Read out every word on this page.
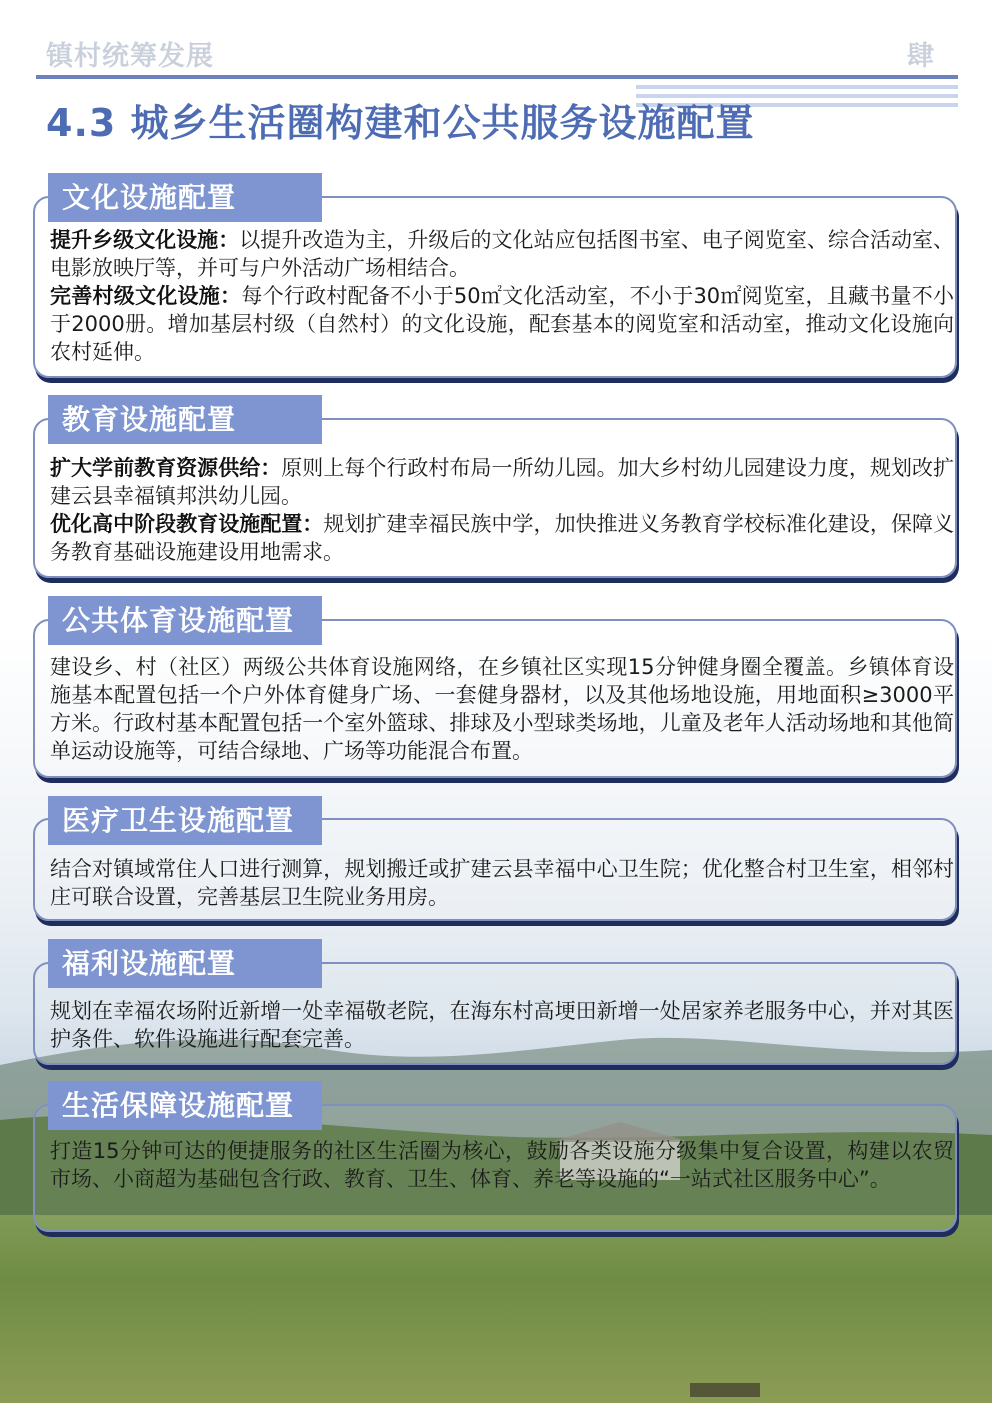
镇村统筹发展	肆
4.3 城乡生活圈构建和公共服务设施配置
文化设施配置

提升乡级文化设施：以提升改造为主，升级后的文化站应包括图书室、电子阅览室、综合活动室、电影放映厅等，并可与户外活动广场相结合。

完善村级文化设施：每个行政村配备不小于50㎡文化活动室，不小于30㎡阅览室，且藏书量不小于2000册。增加基层村级（自然村）的文化设施，配套基本的阅览室和活动室，推动文化设施向农村延伸。

教育设施配置

扩大学前教育资源供给：原则上每个行政村布局一所幼儿园。加大乡村幼儿园建设力度，规划改扩建云县幸福镇邦洪幼儿园。

优化高中阶段教育设施配置：规划扩建幸福民族中学，加快推进义务教育学校标准化建设，保障义务教育基础设施建设用地需求。

公共体育设施配置

建设乡、村（社区）两级公共体育设施网络，在乡镇社区实现15分钟健身圈全覆盖。乡镇体育设施基本配置包括一个户外体育健身广场、一套健身器材，以及其他场地设施，用地面积≥3000平方米。行政村基本配置包括一个室外篮球、排球及小型球类场地，儿童及老年人活动场地和其他简单运动设施等，可结合绿地、广场等功能混合布置。

医疗卫生设施配置

结合对镇域常住人口进行测算，规划搬迁或扩建云县幸福中心卫生院；优化整合村卫生室，相邻村庄可联合设置，完善基层卫生院业务用房。

福利设施配置

规划在幸福农场附近新增一处幸福敬老院，在海东村高埂田新增一处居家养老服务中心，并对其医护条件、软件设施进行配套完善。

生活保障设施配置

打造15分钟可达的便捷服务的社区生活圈为核心，鼓励各类设施分级集中复合设置，构建以农贸市场、小商超为基础包含行政、教育、卫生、体育、养老等设施的“一站式社区服务中心”。
